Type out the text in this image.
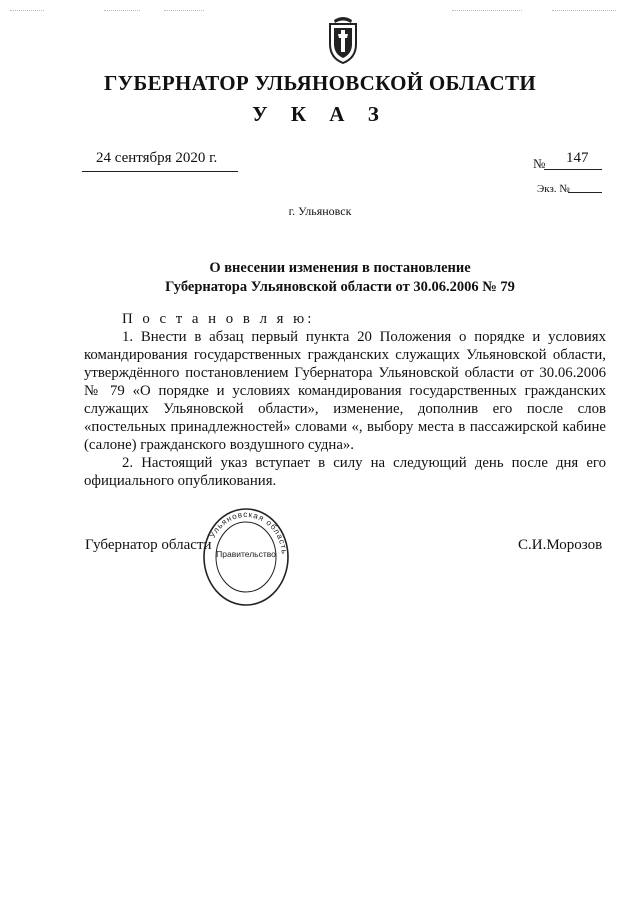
ГУБЕРНАТОР УЛЬЯНОВСКОЙ ОБЛАСТИ
У К А З
24 сентября 2020 г.	№ 147
Экз. №
г. Ульяновск
О внесении изменения в постановление
Губернатора Ульяновской области от 30.06.2006 № 79

П о с т а н о в л я ю:

1. Внести в абзац первый пункта 20 Положения о порядке и условиях командирования государственных гражданских служащих Ульяновской области, утверждённого постановлением Губернатора Ульяновской области от 30.06.2006 № 79 «О порядке и условиях командирования государственных гражданских служащих Ульяновской области», изменение, дополнив его после слов «постельных принадлежностей» словами «, выбору места в пассажирской кабине (салоне) гражданского воздушного судна».

2. Настоящий указ вступает в силу на следующий день после дня его официального опубликования.

Губернатор области	С.И.Морозов
Ульяновская область
Правительство
